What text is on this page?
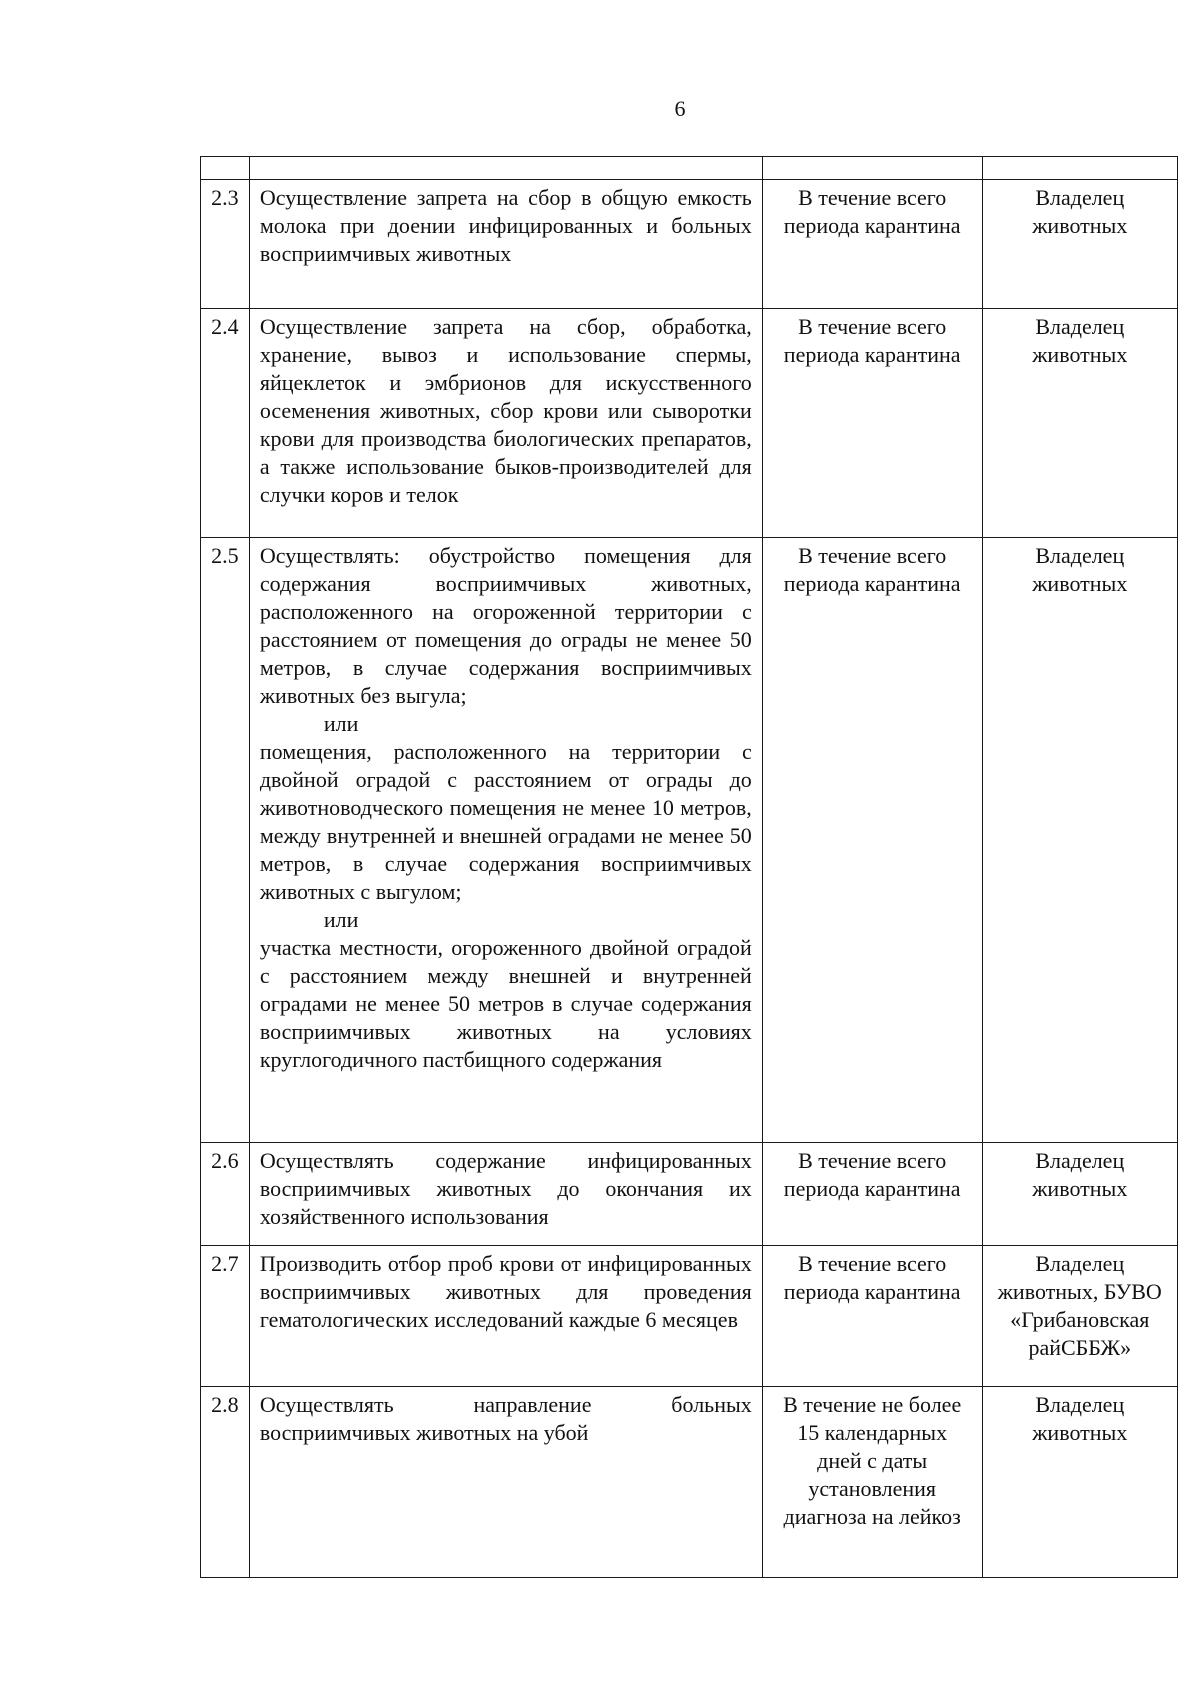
6

2.3	Осуществление запрета на сбор в общую емкость молока при доении инфицированных и больных восприимчивых животных	В течение всего периода карантина	Владелец животных
2.4	Осуществление запрета на сбор, обработка, хранение, вывоз и использование спермы, яйцеклеток и эмбрионов для искусственного осеменения животных, сбор крови или сыворотки крови для производства биологических препаратов, а также использование быков-производителей для случки коров и телок	В течение всего периода карантина	Владелец животных
2.5	Осуществлять: обустройство помещения для содержания восприимчивых животных, расположенного на огороженной территории с расстоянием от помещения до ограды не менее 50 метров, в случае содержания восприимчивых животных без выгула;
или
помещения, расположенного на территории с двойной оградой с расстоянием от ограды до животноводческого помещения не менее 10 метров, между внутренней и внешней оградами не менее 50 метров, в случае содержания восприимчивых животных с выгулом;
или
участка местности, огороженного двойной оградой с расстоянием между внешней и внутренней оградами не менее 50 метров в случае содержания восприимчивых животных на условиях круглогодичного пастбищного содержания	В течение всего периода карантина	Владелец животных
2.6	Осуществлять содержание инфицированных восприимчивых животных до окончания их хозяйственного использования	В течение всего периода карантина	Владелец животных
2.7	Производить отбор проб крови от инфицированных восприимчивых животных для проведения гематологических исследований каждые 6 месяцев	В течение всего периода карантина	Владелец животных, БУВО «Грибановская райСББЖ»
2.8	Осуществлять направление больных восприимчивых животных на убой	В течение не более 15 календарных дней с даты установления диагноза на лейкоз	Владелец животных
